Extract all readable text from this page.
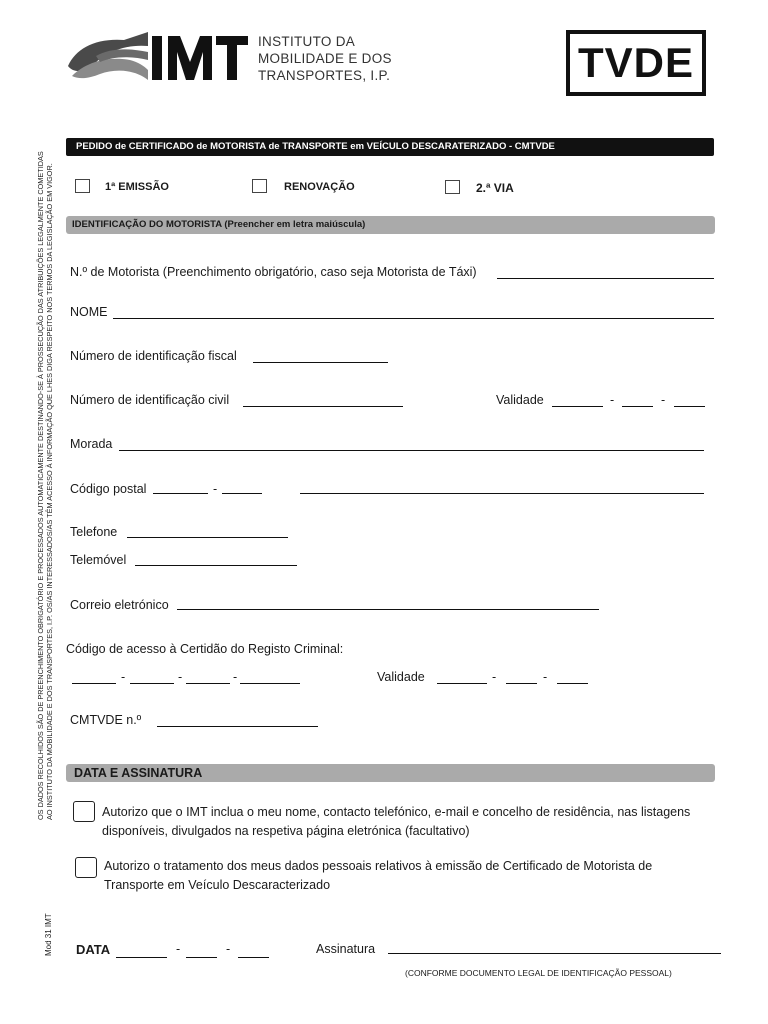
INSTITUTO DA
MOBILIDADE E DOS
TRANSPORTES, I.P.	TVDE
PEDIDO de CERTIFICADO de MOTORISTA de TRANSPORTE em VEÍCULO DESCARATERIZADO - CMTVDE
1ª EMISSÃO	RENOVAÇÃO	2.ª VIA
IDENTIFICAÇÃO DO MOTORISTA (Preencher em letra maiúscula)
N.º de Motorista (Preenchimento obrigatório, caso seja Motorista de Táxi)
NOME
Número de identificação fiscal
Número de identificação civil	Validade	-	-
Morada
Código postal	-
Telefone
Telemóvel
Correio eletrónico
Código de acesso à Certidão do Registo Criminal:
-	-	-	Validade	-	-
CMTVDE n.º
DATA E ASSINATURA
Autorizo que o IMT inclua o meu nome, contacto telefónico, e-mail e concelho de residência, nas listagens disponíveis, divulgados na respetiva página eletrónica (facultativo)
Autorizo o tratamento dos meus dados pessoais relativos à emissão de Certificado de Motorista de Transporte em Veículo Descaracterizado
DATA	-	-	Assinatura
(CONFORME DOCUMENTO LEGAL DE IDENTIFICAÇÃO PESSOAL)
OS DADOS RECOLHIDOS SÃO DE PREENCHIMENTO OBRIGATÓRIO E PROCESSADOS AUTOMATICAMENTE DESTINANDO-SE À PROSSECUÇÃO DAS ATRIBUIÇÕES LEGALMENTE COMETIDAS AO INSTITUTO DA MOBILIDADE E DOS TRANSPORTES, I.P. OS/AS INTERESSADOS/AS TÊM ACESSO À INFORMAÇÃO QUE LHES DIGA RESPEITO NOS TERMOS DA LEGISLAÇÃO EM VIGOR.
Mod 31 IMT
